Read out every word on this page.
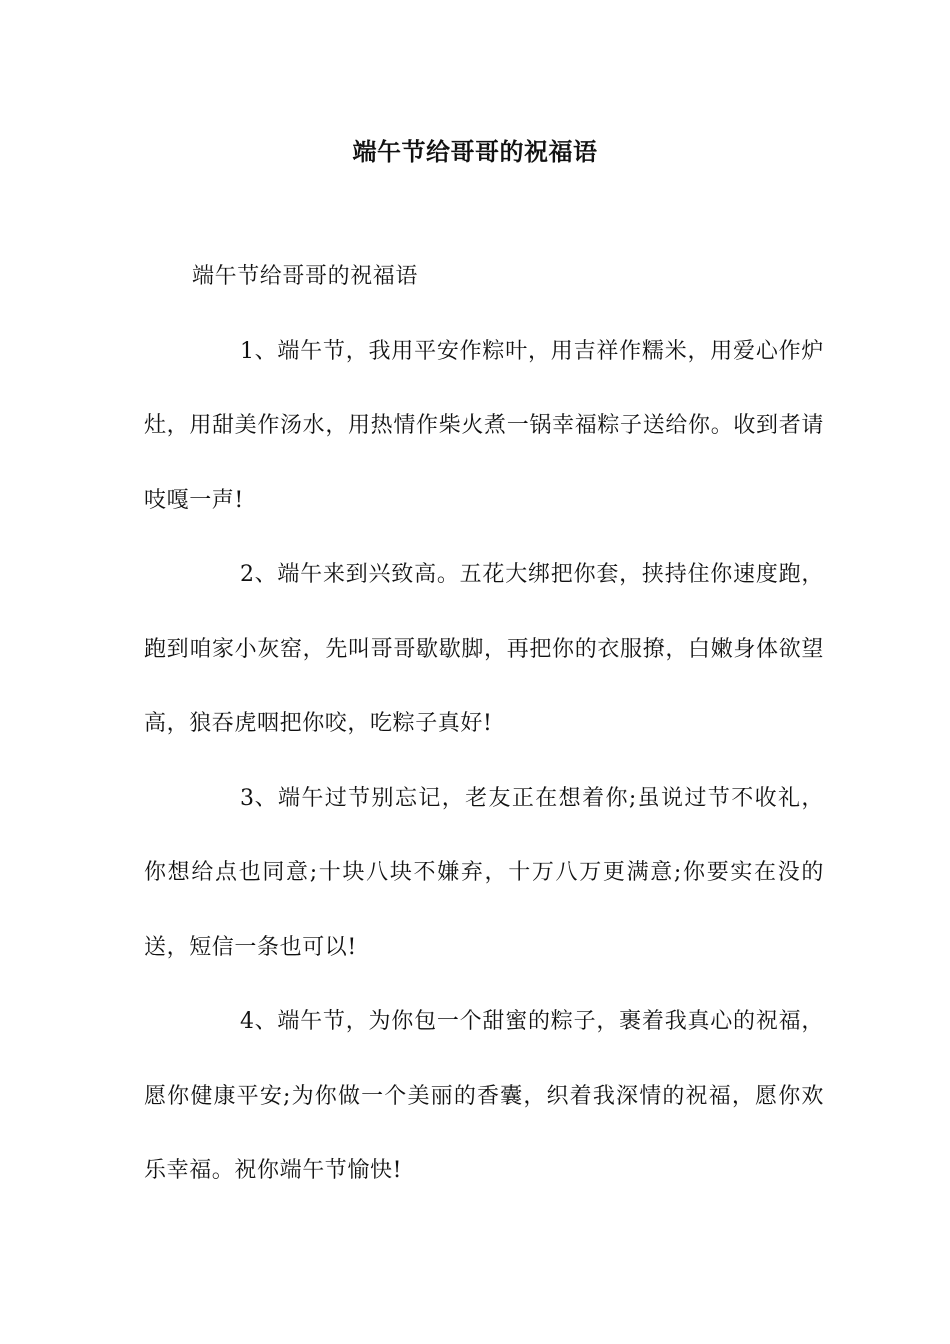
端午节给哥哥的祝福语

端午节给哥哥的祝福语

1、端午节，我用平安作粽叶，用吉祥作糯米，用爱心作炉灶，用甜美作汤水，用热情作柴火煮一锅幸福粽子送给你。收到者请吱嘎一声!

2、端午来到兴致高。五花大绑把你套，挟持住你速度跑，跑到咱家小灰窑，先叫哥哥歇歇脚，再把你的衣服撩，白嫩身体欲望高，狼吞虎咽把你咬，吃粽子真好!

3、端午过节别忘记，老友正在想着你;虽说过节不收礼，你想给点也同意;十块八块不嫌弃，十万八万更满意;你要实在没的送，短信一条也可以!

4、端午节，为你包一个甜蜜的粽子，裹着我真心的祝福，愿你健康平安;为你做一个美丽的香囊，织着我深情的祝福，愿你欢乐幸福。祝你端午节愉快!
